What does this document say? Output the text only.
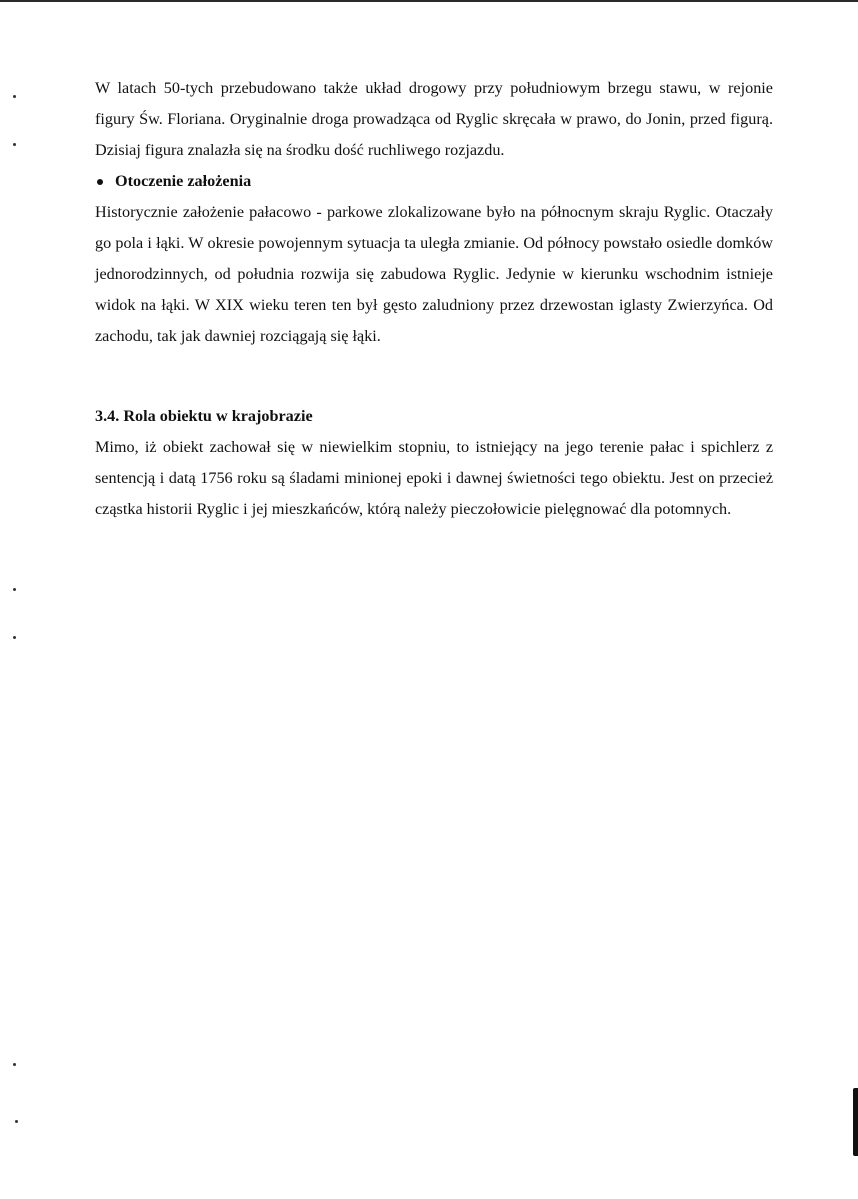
W latach 50-tych przebudowano także układ drogowy przy południowym brzegu stawu, w rejonie figury Św. Floriana. Oryginalnie droga prowadząca od Ryglic skręcała w prawo, do Jonin, przed figurą. Dzisiaj figura znalazła się na środku dość ruchliwego rozjazdu.

Otoczenie założenia

Historycznie założenie pałacowo - parkowe zlokalizowane było na północnym skraju Ryglic. Otaczały go pola i łąki. W okresie powojennym sytuacja ta uległa zmianie. Od północy powstało osiedle domków jednorodzinnych, od południa rozwija się zabudowa Ryglic. Jedynie w kierunku wschodnim istnieje widok na łąki. W XIX wieku teren ten był gęsto zaludniony przez drzewostan iglasty Zwierzyńca. Od zachodu, tak jak dawniej rozciągają się łąki.

3.4. Rola obiektu w krajobrazie

Mimo, iż obiekt zachował się w niewielkim stopniu, to istniejący na jego terenie pałac i spichlerz z sentencją i datą 1756 roku są śladami minionej epoki i dawnej świetności tego obiektu. Jest on przecież cząstka historii Ryglic i jej mieszkańców, którą należy pieczołowicie pielęgnować dla potomnych.
